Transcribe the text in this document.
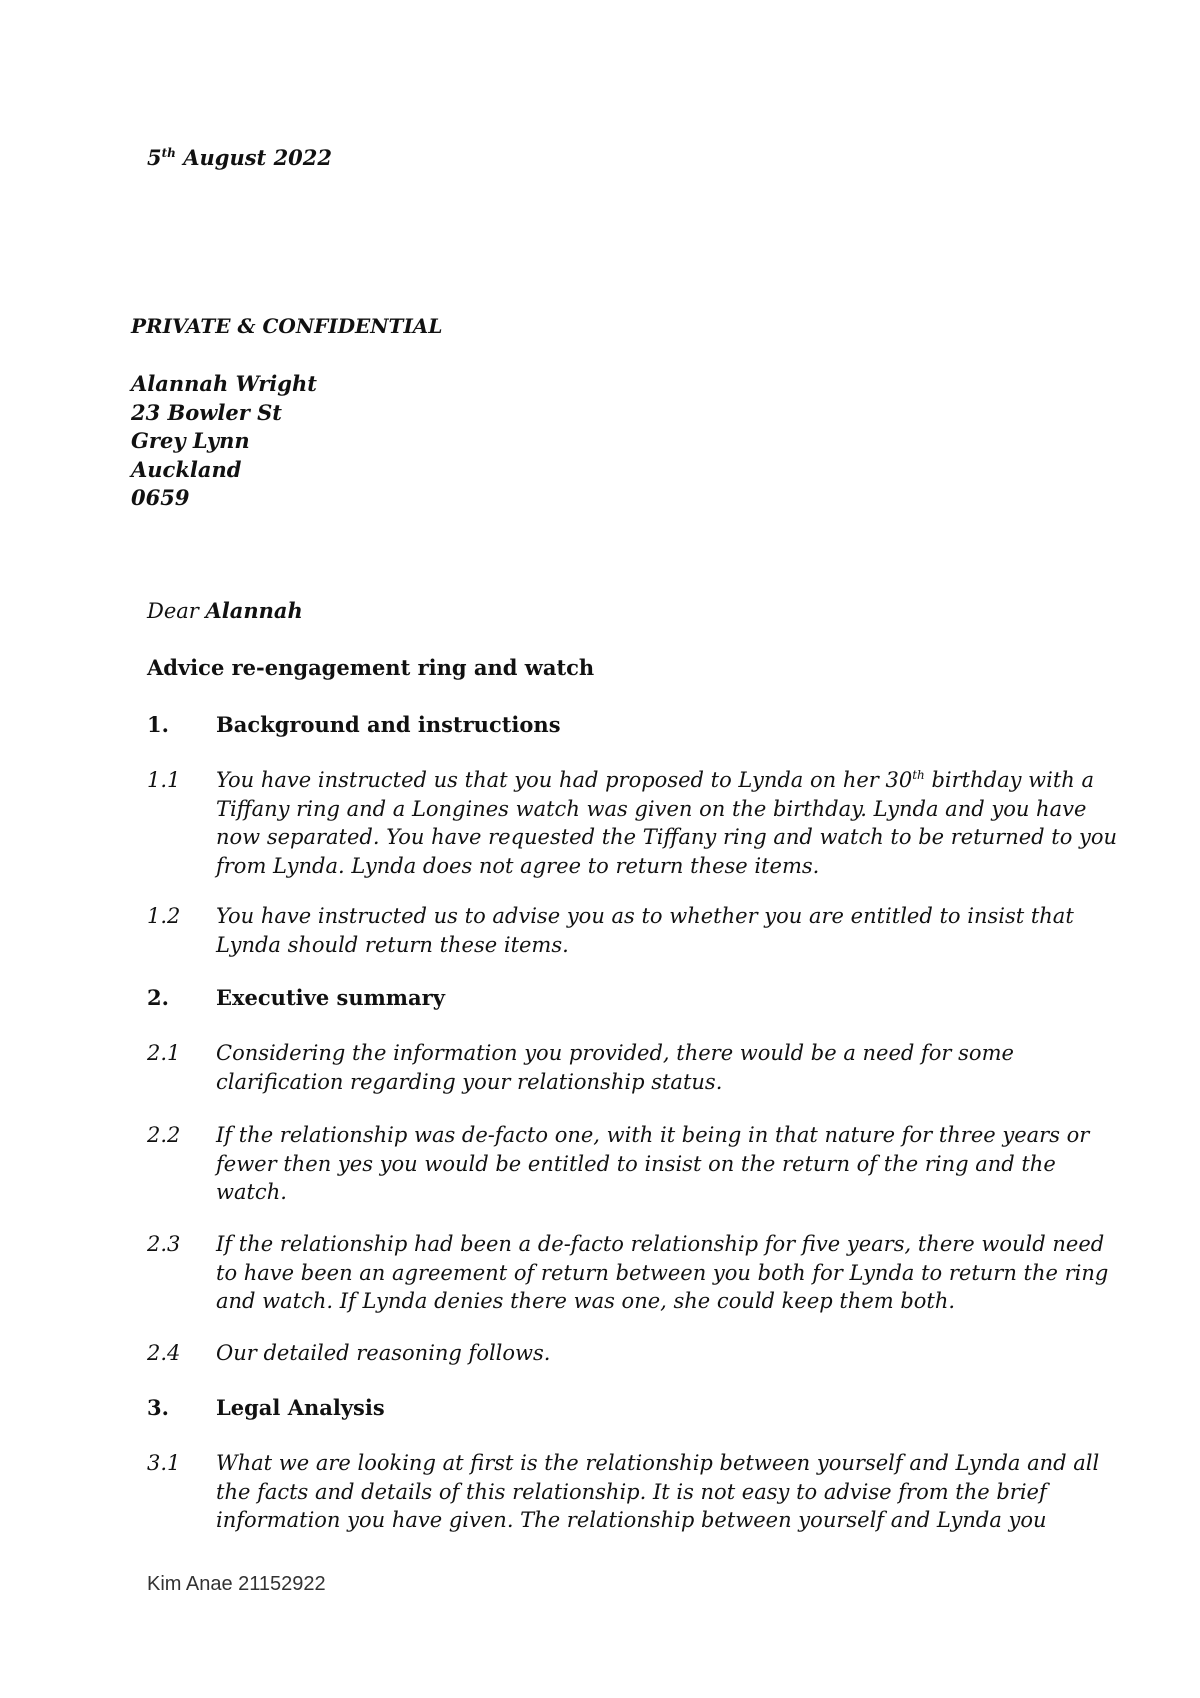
5th August 2022
PRIVATE & CONFIDENTIAL
Alannah Wright
23 Bowler St
Grey Lynn
Auckland
0659
Dear Alannah
Advice re-engagement ring and watch
1. Background and instructions
1.1 You have instructed us that you had proposed to Lynda on her 30th birthday with a
Tiffany ring and a Longines watch was given on the birthday. Lynda and you have
now separated. You have requested the Tiffany ring and watch to be returned to you
from Lynda. Lynda does not agree to return these items.
1.2 You have instructed us to advise you as to whether you are entitled to insist that
Lynda should return these items.
2. Executive summary
2.1 Considering the information you provided, there would be a need for some
clarification regarding your relationship status.
2.2 If the relationship was de-facto one, with it being in that nature for three years or
fewer then yes you would be entitled to insist on the return of the ring and the
watch.
2.3 If the relationship had been a de-facto relationship for five years, there would need
to have been an agreement of return between you both for Lynda to return the ring
and watch. If Lynda denies there was one, she could keep them both.
2.4 Our detailed reasoning follows.
3. Legal Analysis
3.1 What we are looking at first is the relationship between yourself and Lynda and all
the facts and details of this relationship. It is not easy to advise from the brief
information you have given. The relationship between yourself and Lynda you
Kim Anae 21152922
